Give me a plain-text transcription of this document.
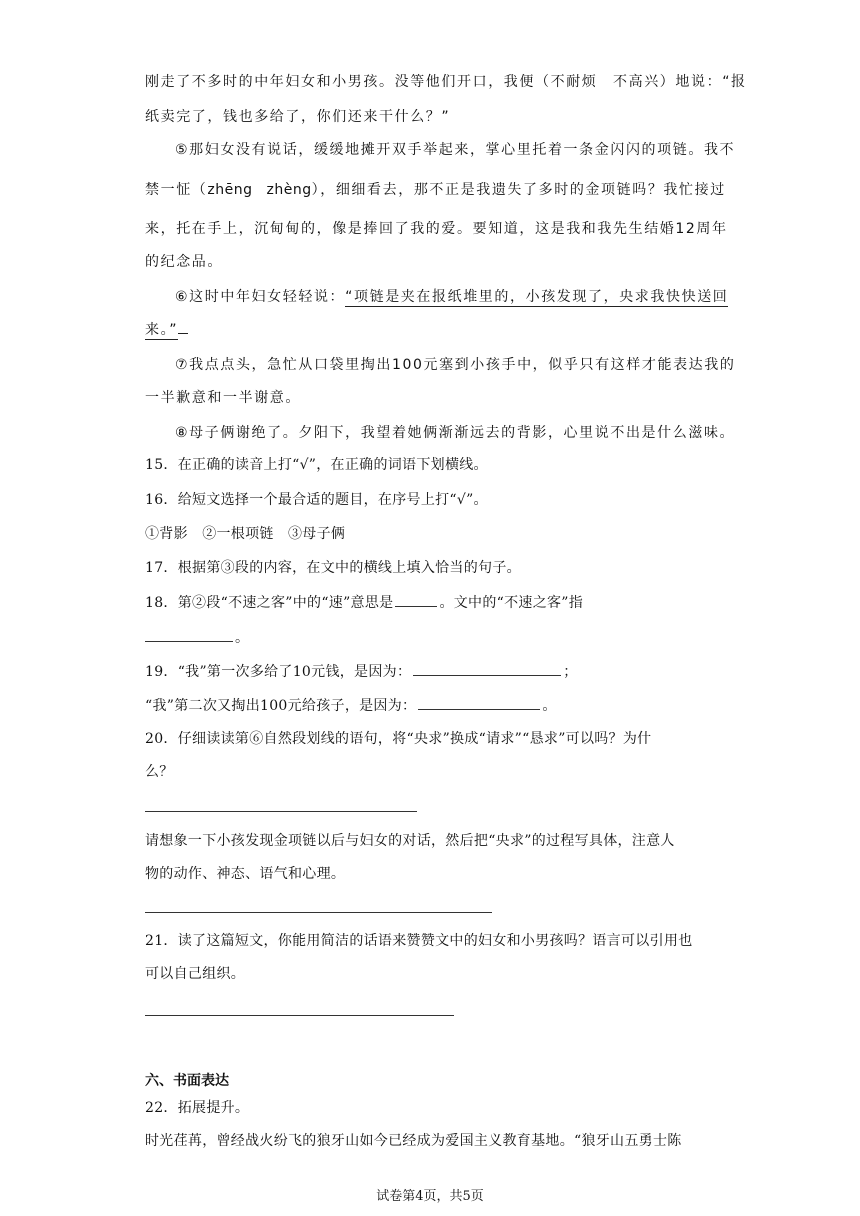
刚走了不多时的中年妇女和小男孩。没等他们开口，我便（不耐烦　不高兴）地说：“报
纸卖完了，钱也多给了，你们还来干什么？”
⑤那妇女没有说话，缓缓地摊开双手举起来，掌心里托着一条金闪闪的项链。我不
禁一怔（zhēng zhèng），细细看去，那不正是我遗失了多时的金项链吗？我忙接过
来，托在手上，沉甸甸的，像是捧回了我的爱。要知道，这是我和我先生结婚12周年
的纪念品。
⑥这时中年妇女轻轻说：“项链是夹在报纸堆里的，小孩发现了，央求我快快送回
来。”
⑦我点点头，急忙从口袋里掏出100元塞到小孩手中，似乎只有这样才能表达我的
一半歉意和一半谢意。
⑧母子俩谢绝了。夕阳下，我望着她俩渐渐远去的背影，心里说不出是什么滋味。
15．在正确的读音上打“√”，在正确的词语下划横线。
16．给短文选择一个最合适的题目，在序号上打“√”。
①背影　②一根项链　③母子俩
17．根据第③段的内容，在文中的横线上填入恰当的句子。
18．第②段“不速之客”中的“速”意思是	。文中的“不速之客”指
。
19．“我”第一次多给了10元钱，是因为：	；
“我”第二次又掏出100元给孩子，是因为：	。
20．仔细读读第⑥自然段划线的语句，将“央求”换成“请求”“恳求”可以吗？为什
么？
请想象一下小孩发现金项链以后与妇女的对话，然后把“央求”的过程写具体，注意人
物的动作、神态、语气和心理。
21．读了这篇短文，你能用简洁的话语来赞赞文中的妇女和小男孩吗？语言可以引用也
可以自己组织。
六、书面表达
22．拓展提升。
时光荏苒，曾经战火纷飞的狼牙山如今已经成为爱国主义教育基地。“狼牙山五勇士陈
试卷第4页，共5页
